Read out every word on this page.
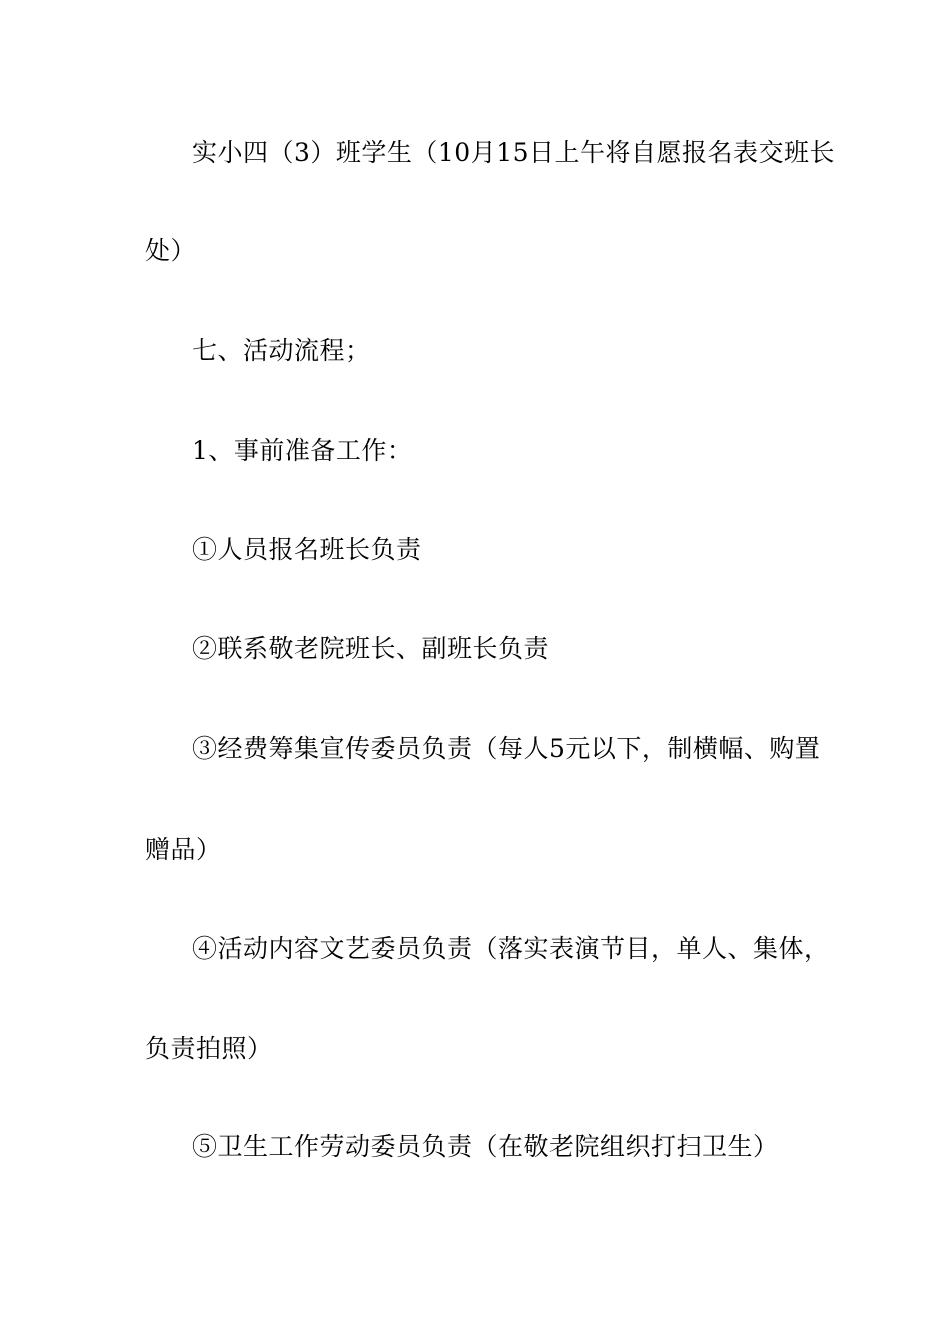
实小四（3）班学生（10月15日上午将自愿报名表交班长
处）
七、活动流程；
1、事前准备工作：
①人员报名班长负责
②联系敬老院班长、副班长负责
③经费筹集宣传委员负责（每人5元以下，制横幅、购置
赠品）
④活动内容文艺委员负责（落实表演节目，单人、集体，
负责拍照）
⑤卫生工作劳动委员负责（在敬老院组织打扫卫生）
